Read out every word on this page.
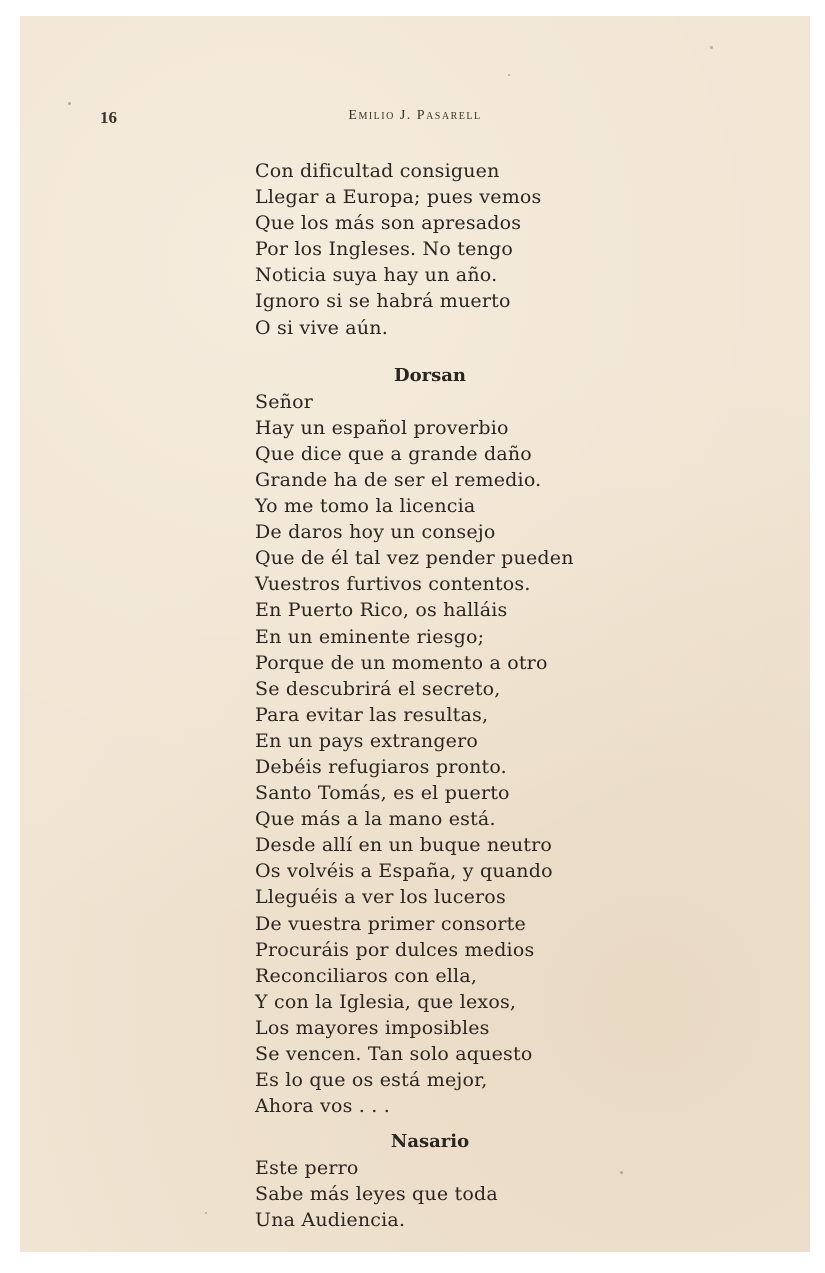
16	Emilio J. Pasarell
Con dificultad consiguen
Llegar a Europa; pues vemos
Que los más son apresados
Por los Ingleses. No tengo
Noticia suya hay un año.
Ignoro si se habrá muerto
O si vive aún.
Dorsan
Señor
Hay un español proverbio
Que dice que a grande daño
Grande ha de ser el remedio.
Yo me tomo la licencia
De daros hoy un consejo
Que de él tal vez pender pueden
Vuestros furtivos contentos.
En Puerto Rico, os halláis
En un eminente riesgo;
Porque de un momento a otro
Se descubrirá el secreto,
Para evitar las resultas,
En un pays extrangero
Debéis refugiaros pronto.
Santo Tomás, es el puerto
Que más a la mano está.
Desde allí en un buque neutro
Os volvéis a España, y quando
Lleguéis a ver los luceros
De vuestra primer consorte
Procuráis por dulces medios
Reconciliaros con ella,
Y con la Iglesia, que lexos,
Los mayores imposibles
Se vencen. Tan solo aquesto
Es lo que os está mejor,
Ahora vos . . .
Nasario
Este perro
Sabe más leyes que toda
Una Audiencia.
